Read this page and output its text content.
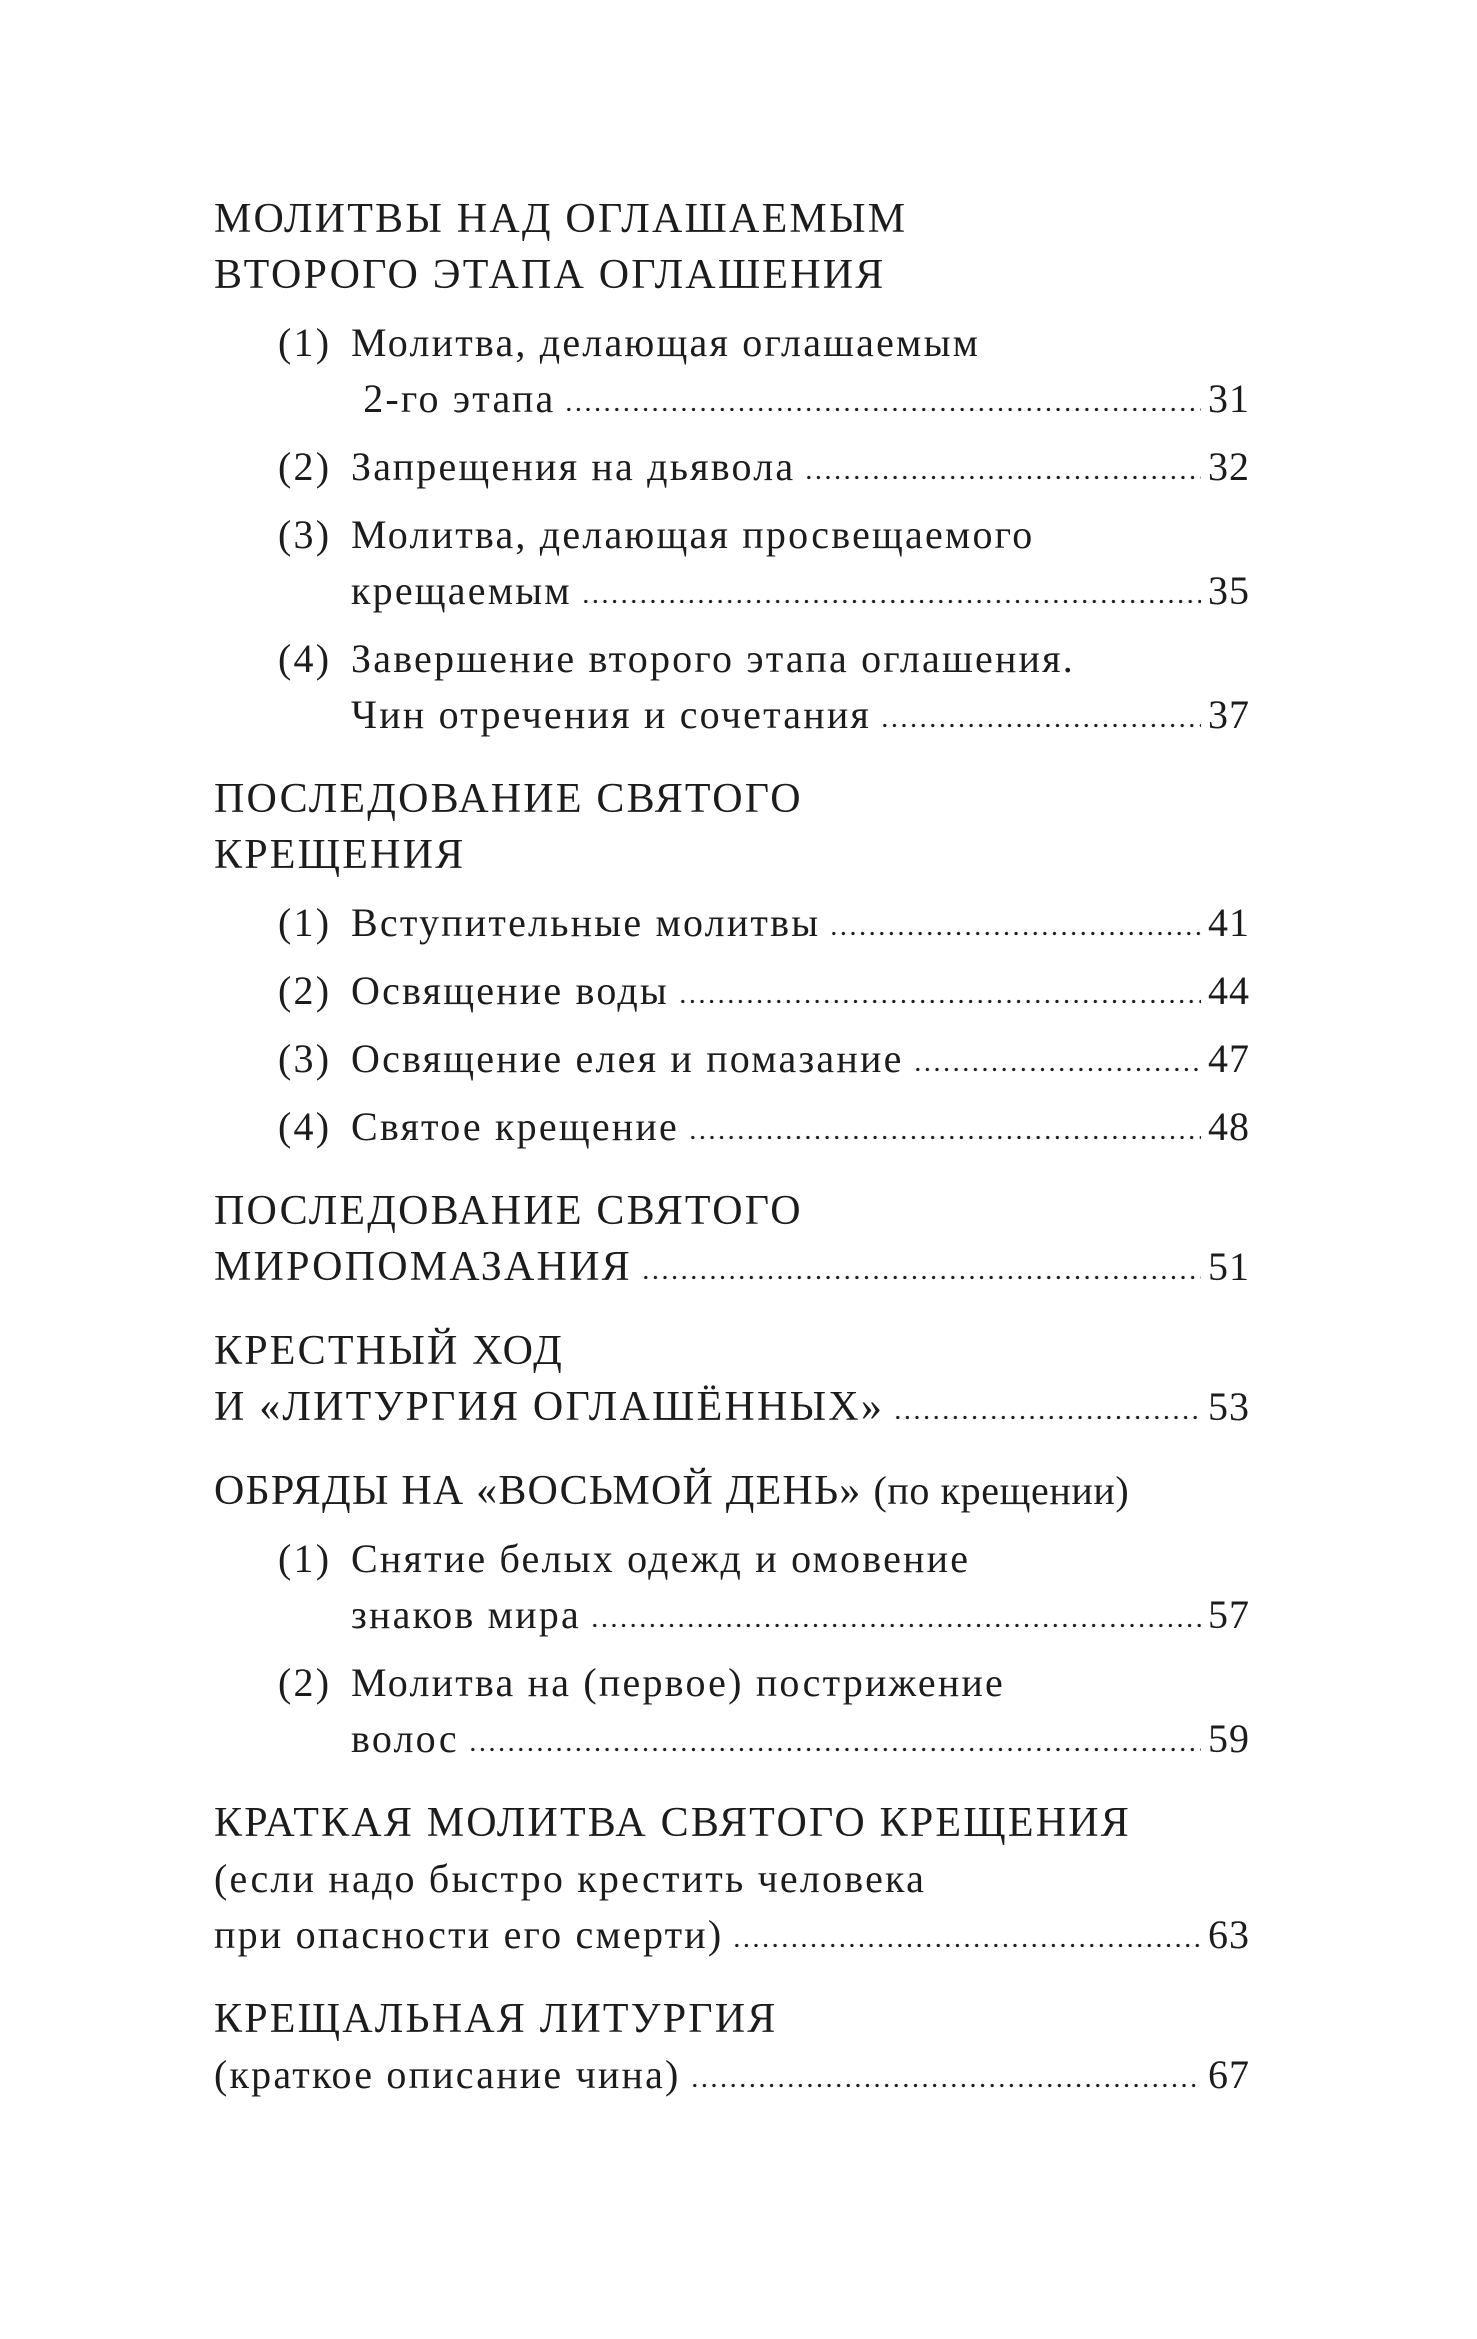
МОЛИТВЫ НАД ОГЛАШАЕМЫМ
ВТОРОГО ЭТАПА ОГЛАШЕНИЯ
(1) Молитва, делающая оглашаемым
2-го этапа	31
(2) Запрещения на дьявола	32
(3) Молитва, делающая просвещаемого
крещаемым	35
(4) Завершение второго этапа оглашения.
Чин отречения и сочетания	37
ПОСЛЕДОВАНИЕ СВЯТОГО
КРЕЩЕНИЯ
(1) Вступительные молитвы	41
(2) Освящение воды	44
(3) Освящение елея и помазание	47
(4) Святое крещение	48
ПОСЛЕДОВАНИЕ СВЯТОГО
МИРОПОМАЗАНИЯ	51
КРЕСТНЫЙ ХОД
И «ЛИТУРГИЯ ОГЛАШЁННЫХ»	53
ОБРЯДЫ НА «ВОСЬМОЙ ДЕНЬ» (по крещении)
(1) Снятие белых одежд и омовение
знаков мира	57
(2) Молитва на (первое) пострижение
волос	59
КРАТКАЯ МОЛИТВА СВЯТОГО КРЕЩЕНИЯ
(если надо быстро крестить человека
при опасности его смерти)	63
КРЕЩАЛЬНАЯ ЛИТУРГИЯ
(краткое описание чина)	67
